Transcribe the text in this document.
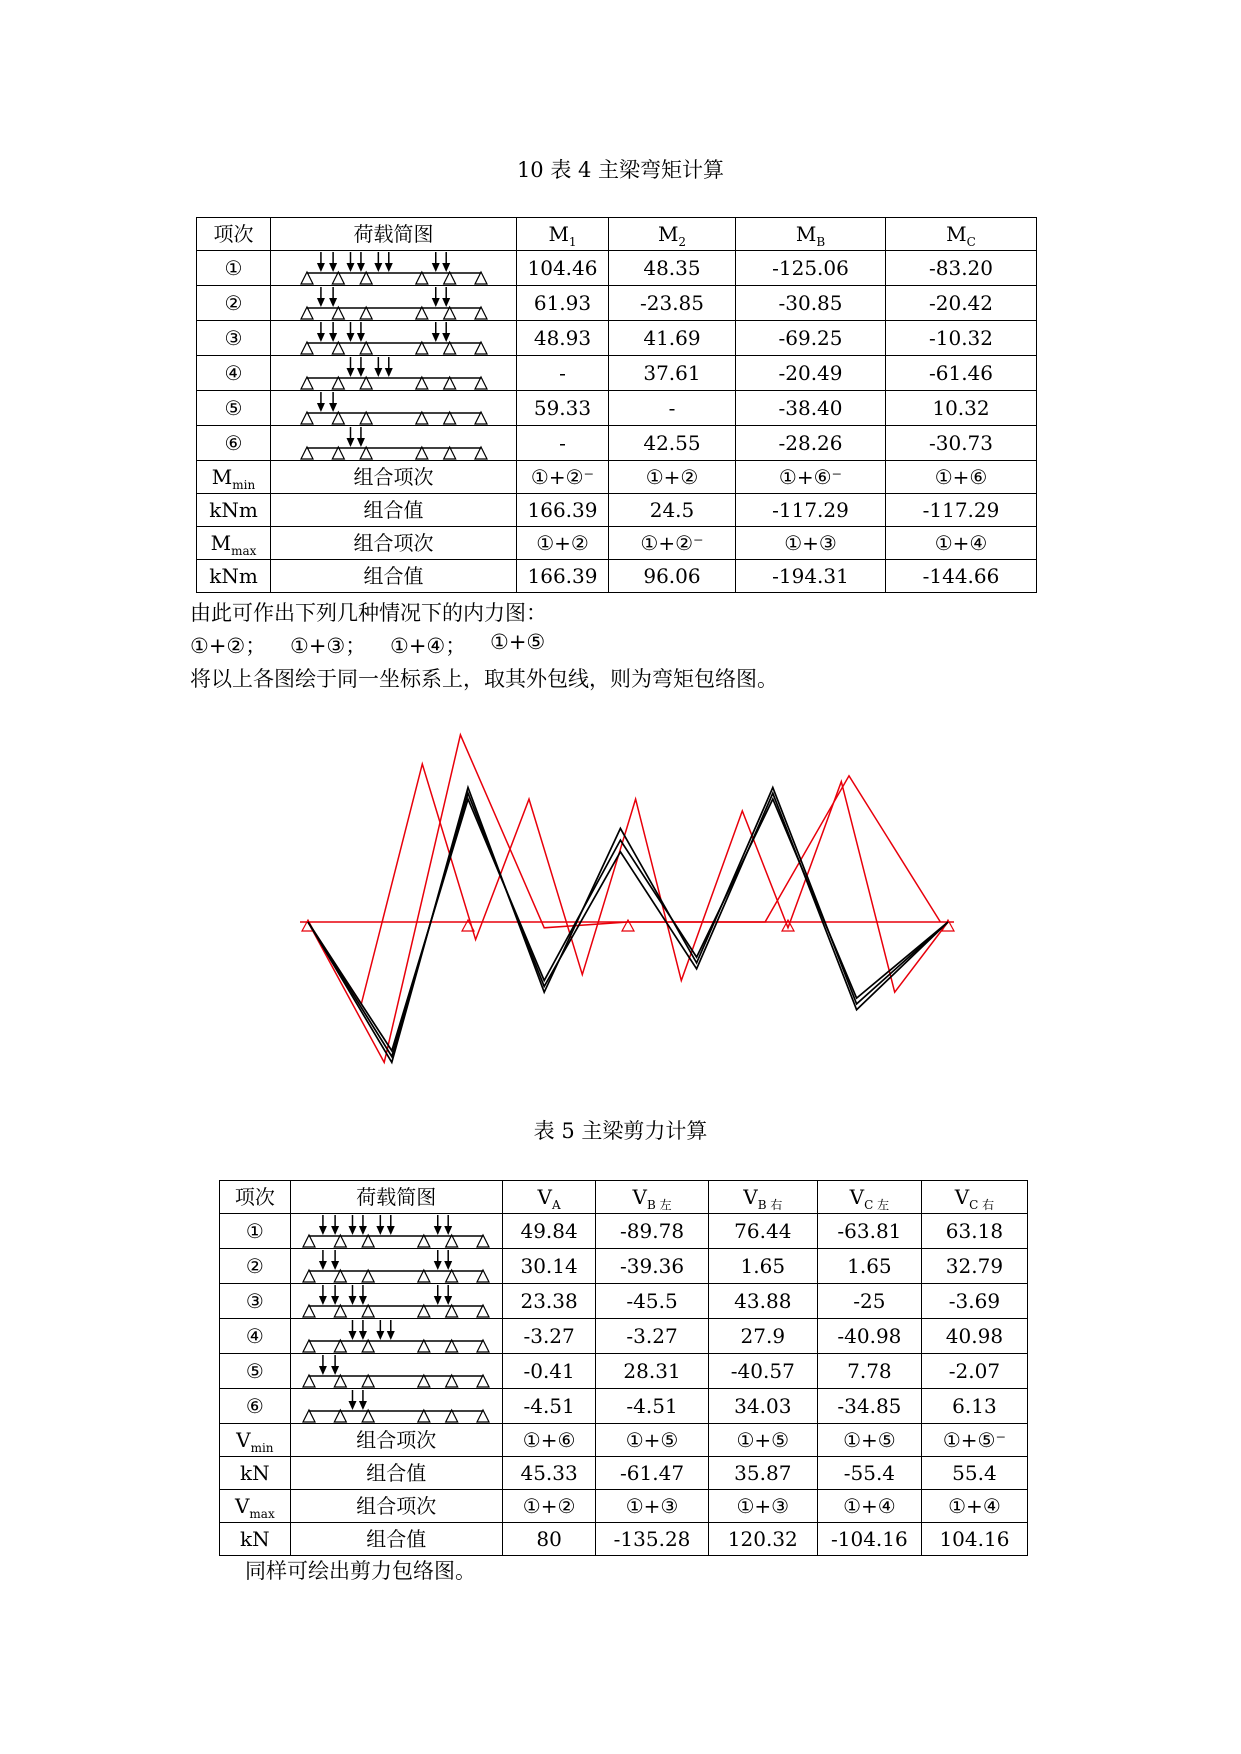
10 表 4 主梁弯矩计算
项次	荷载简图	$M_1$	$M_2$	$M_B$	$M_C$
①		104.46	48.35	-125.06	-83.20
②		61.93	-23.85	-30.85	-20.42
③		48.93	41.69	-69.25	-10.32
④		-	37.61	-20.49	-61.46
⑤		59.33	-	-38.40	10.32
⑥		-	42.55	-28.26	-30.73
$M_{min}$	组合项次	①+②⁻	①+②	①+⑥⁻	①+⑥
kNm	组合值	166.39	24.5	-117.29	-117.29
$M_{max}$	组合项次	①+②	①+②⁻	①+③	①+④
kNm	组合值	166.39	96.06	-194.31	-144.66
由此可作出下列几种情况下的内力图：
①+②； ①+③； ①+④； ①+⑤
将以上各图绘于同一坐标系上，取其外包线，则为弯矩包络图。
表 5 主梁剪力计算
项次	荷载简图	$V_A$	$V_{B 左}$	$V_{B 右}$	$V_{C 左}$	$V_{C 右}$
①		49.84	-89.78	76.44	-63.81	63.18
②		30.14	-39.36	1.65	1.65	32.79
③		23.38	-45.5	43.88	-25	-3.69
④		-3.27	-3.27	27.9	-40.98	40.98
⑤		-0.41	28.31	-40.57	7.78	-2.07
⑥		-4.51	-4.51	34.03	-34.85	6.13
$V_{min}$	组合项次	①+⑥	①+⑤	①+⑤	①+⑤	①+⑤⁻
kN	组合值	45.33	-61.47	35.87	-55.4	55.4
$V_{max}$	组合项次	①+②	①+③	①+③	①+④	①+④
kN	组合值	80	-135.28	120.32	-104.16	104.16
同样可绘出剪力包络图。
